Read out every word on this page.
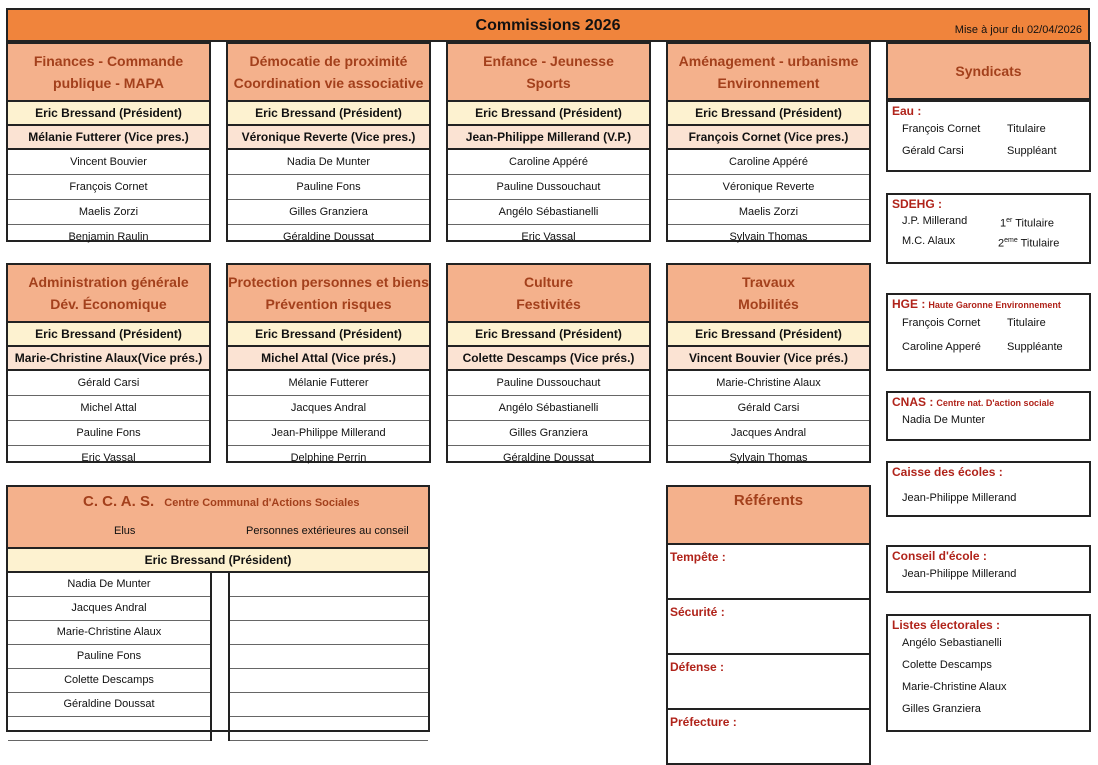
Commissions 2026	Mise à jour du 02/04/2026
Finances - Commande
publique - MAPA
Eric Bressand (Président)
Mélanie Futterer (Vice pres.)
Vincent Bouvier
François Cornet
Maelis Zorzi
Benjamin Raulin
Démocatie de proximité
Coordination vie associative
Eric Bressand (Président)
Véronique Reverte (Vice pres.)
Nadia De Munter
Pauline Fons
Gilles Granziera
Géraldine Doussat
Enfance - Jeunesse
Sports
Eric Bressand (Président)
Jean-Philippe Millerand (V.P.)
Caroline Appéré
Pauline Dussouchaut
Angélo Sébastianelli
Eric Vassal
Aménagement - urbanisme
Environnement
Eric Bressand (Président)
François Cornet (Vice pres.)
Caroline Appéré
Véronique Reverte
Maelis Zorzi
Sylvain Thomas
Administration générale
Dév. Économique
Eric Bressand (Président)
Marie-Christine Alaux(Vice prés.)
Gérald Carsi
Michel Attal
Pauline Fons
Eric Vassal
Protection personnes et biens
Prévention risques
Eric Bressand (Président)
Michel Attal (Vice prés.)
Mélanie Futterer
Jacques Andral
Jean-Philippe Millerand
Delphine Perrin
Culture
Festivités
Eric Bressand (Président)
Colette Descamps (Vice prés.)
Pauline Dussouchaut
Angélo Sébastianelli
Gilles Granziera
Géraldine Doussat
Travaux
Mobilités
Eric Bressand (Président)
Vincent Bouvier (Vice prés.)
Marie-Christine Alaux
Gérald Carsi
Jacques Andral
Sylvain Thomas
C. C. A. S. Centre Communal d'Actions Sociales
Elus	Personnes extérieures au conseil
Eric Bressand (Président)
Nadia De Munter
Jacques Andral
Marie-Christine Alaux
Pauline Fons
Colette Descamps
Géraldine Doussat
Référents
Tempête :
Sécurité :
Défense :
Préfecture :
Syndicats
Eau :
François Cornet	Titulaire
Gérald Carsi	Suppléant
SDEHG :
J.P. Millerand	1er Titulaire
M.C. Alaux	2eme Titulaire
HGE : Haute Garonne Environnement
François Cornet	Titulaire
Caroline Apperé	Suppléante
CNAS : Centre nat. D'action sociale
Nadia De Munter
Caisse des écoles :
Jean-Philippe Millerand
Conseil d'école :
Jean-Philippe Millerand
Listes électorales :
Angélo Sebastianelli
Colette Descamps
Marie-Christine Alaux
Gilles Granziera
